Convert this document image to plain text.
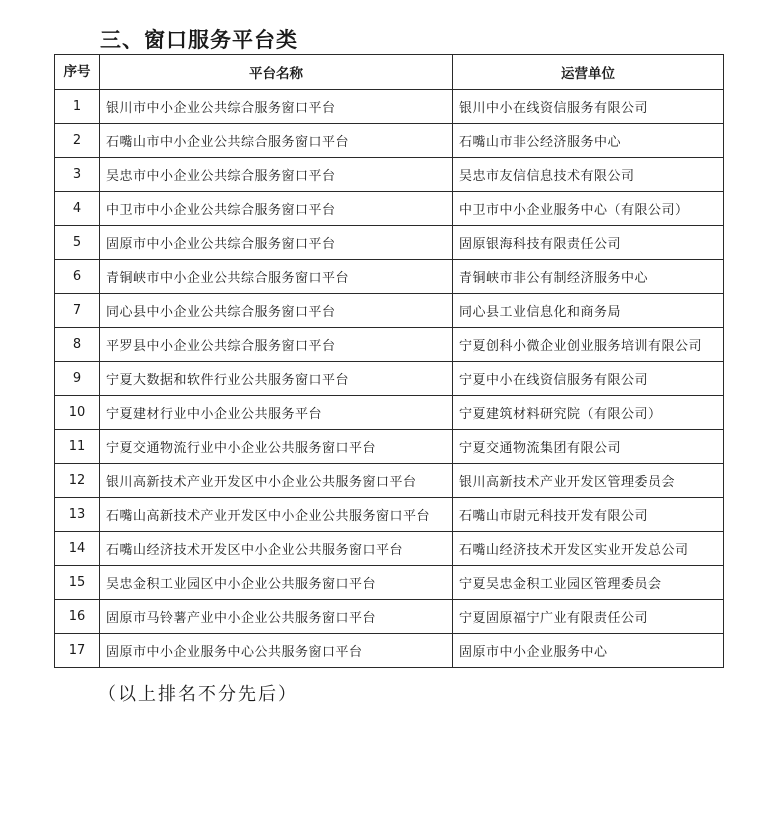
三、窗口服务平台类
序号	平台名称	运营单位
1	银川市中小企业公共综合服务窗口平台	银川中小在线资信服务有限公司
2	石嘴山市中小企业公共综合服务窗口平台	石嘴山市非公经济服务中心
3	吴忠市中小企业公共综合服务窗口平台	吴忠市友信信息技术有限公司
4	中卫市中小企业公共综合服务窗口平台	中卫市中小企业服务中心（有限公司）
5	固原市中小企业公共综合服务窗口平台	固原银海科技有限责任公司
6	青铜峡市中小企业公共综合服务窗口平台	青铜峡市非公有制经济服务中心
7	同心县中小企业公共综合服务窗口平台	同心县工业信息化和商务局
8	平罗县中小企业公共综合服务窗口平台	宁夏创科小微企业创业服务培训有限公司
9	宁夏大数据和软件行业公共服务窗口平台	宁夏中小在线资信服务有限公司
10	宁夏建材行业中小企业公共服务平台	宁夏建筑材料研究院（有限公司）
11	宁夏交通物流行业中小企业公共服务窗口平台	宁夏交通物流集团有限公司
12	银川高新技术产业开发区中小企业公共服务窗口平台	银川高新技术产业开发区管理委员会
13	石嘴山高新技术产业开发区中小企业公共服务窗口平台	石嘴山市尉元科技开发有限公司
14	石嘴山经济技术开发区中小企业公共服务窗口平台	石嘴山经济技术开发区实业开发总公司
15	吴忠金积工业园区中小企业公共服务窗口平台	宁夏吴忠金积工业园区管理委员会
16	固原市马铃薯产业中小企业公共服务窗口平台	宁夏固原福宁广业有限责任公司
17	固原市中小企业服务中心公共服务窗口平台	固原市中小企业服务中心

（以上排名不分先后）
